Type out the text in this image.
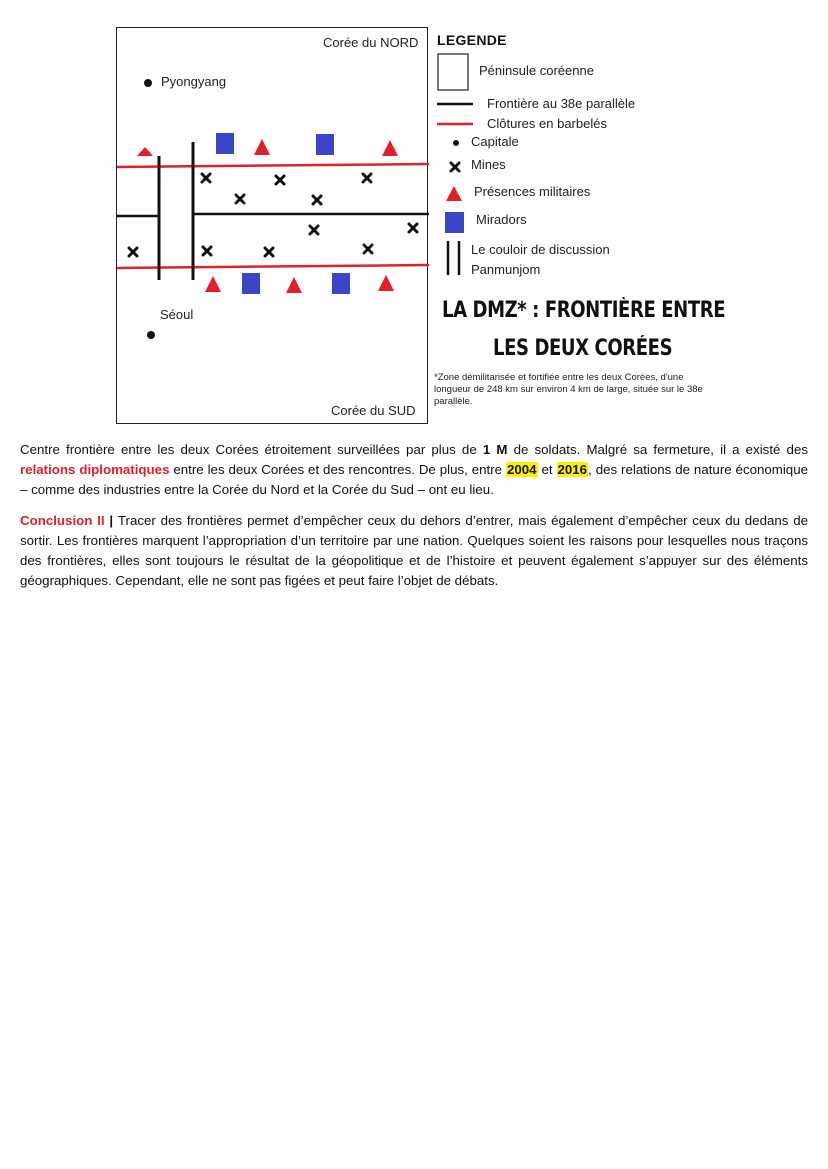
Corée du NORD
Pyongyang
Séoul
Corée du SUD
LEGENDE
Péninsule coréenne
Frontière au 38e parallèle
Clôtures en barbelés
Capitale
Mines
Présences militaires
Miradors
Le couloir de discussion
Panmunjom
LA DMZ* : FRONTIÈRE ENTRE
LES DEUX CORÉES
*Zone démilitarisée et fortifiée entre les deux Corées, d'une longueur de 248 km sur environ 4 km de large, située sur le 38e parallèle.
Centre frontière entre les deux Corées étroitement surveillées par plus de 1 M de soldats. Malgré sa fermeture, il a existé des relations diplomatiques entre les deux Corées et des rencontres. De plus, entre 2004 et 2016, des relations de nature économique – comme des industries entre la Corée du Nord et la Corée du Sud – ont eu lieu.
Conclusion II | Tracer des frontières permet d’empêcher ceux du dehors d’entrer, mais également d’empêcher ceux du dedans de sortir. Les frontières marquent l’appropriation d’un territoire par une nation. Quelques soient les raisons pour lesquelles nous traçons des frontières, elles sont toujours le résultat de la géopolitique et de l’histoire et peuvent également s’appuyer sur des éléments géographiques. Cependant, elle ne sont pas figées et peut faire l’objet de débats.
